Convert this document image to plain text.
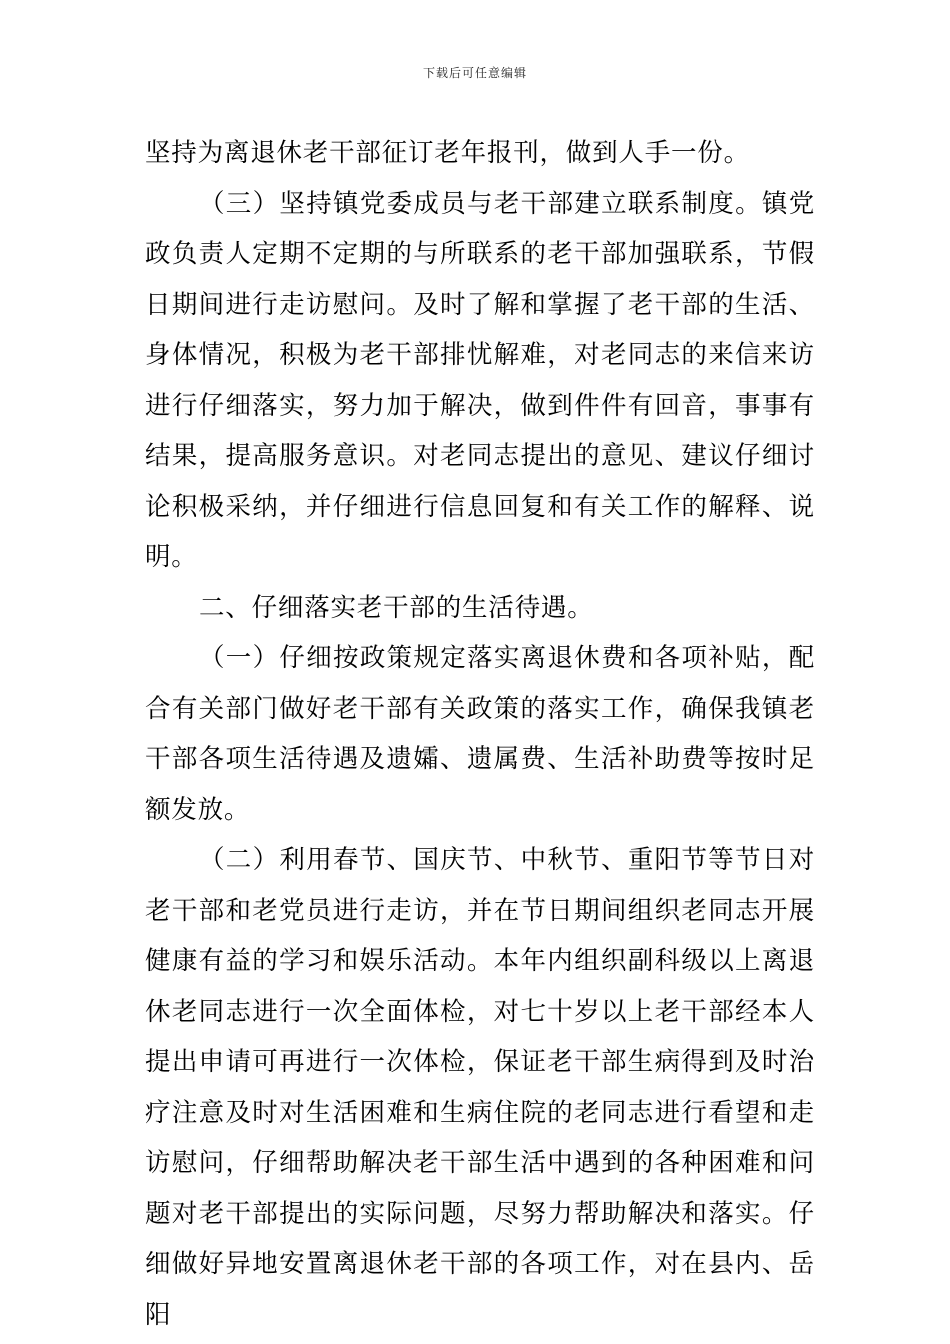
下载后可任意编辑

坚持为离退休老干部征订老年报刊，做到人手一份。

（三）坚持镇党委成员与老干部建立联系制度。镇党政负责人定期不定期的与所联系的老干部加强联系，节假日期间进行走访慰问。及时了解和掌握了老干部的生活、身体情况，积极为老干部排忧解难，对老同志的来信来访进行仔细落实，努力加于解决，做到件件有回音，事事有结果，提高服务意识。对老同志提出的意见、建议仔细讨论积极采纳，并仔细进行信息回复和有关工作的解释、说明。

二、仔细落实老干部的生活待遇。

（一）仔细按政策规定落实离退休费和各项补贴，配合有关部门做好老干部有关政策的落实工作，确保我镇老干部各项生活待遇及遗孀、遗属费、生活补助费等按时足额发放。

（二）利用春节、国庆节、中秋节、重阳节等节日对老干部和老党员进行走访，并在节日期间组织老同志开展健康有益的学习和娱乐活动。本年内组织副科级以上离退休老同志进行一次全面体检，对七十岁以上老干部经本人提出申请可再进行一次体检，保证老干部生病得到及时治疗注意及时对生活困难和生病住院的老同志进行看望和走访慰问，仔细帮助解决老干部生活中遇到的各种困难和问题对老干部提出的实际问题，尽努力帮助解决和落实。仔细做好异地安置离退休老干部的各项工作，对在县内、岳阳
